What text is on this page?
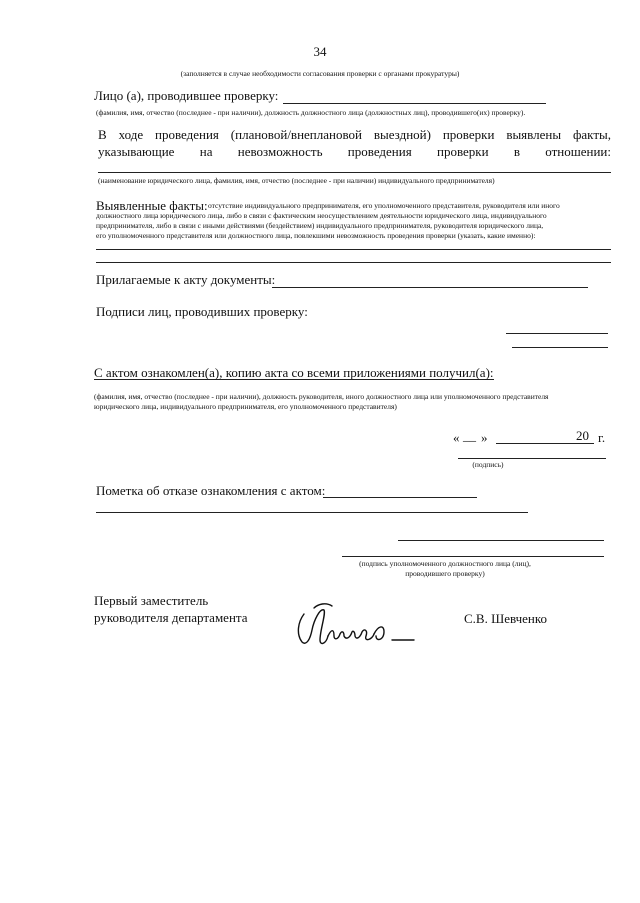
34
(заполняется в случае необходимости согласования проверки с органами прокуратуры)
Лицо (а), проводившее проверку:
(фамилия, имя, отчество (последнее - при наличии), должность должностного лица (должностных лиц), проводившего(их) проверку).
В ходе проведения (плановой/внеплановой выездной) проверки выявлены факты,
указывающие на невозможность проведения проверки в отношении:
(наименование юридического лица, фамилия, имя, отчество (последнее - при наличии) индивидуального предпринимателя)
Выявленные факты: отсутствие индивидуального предпринимателя, его уполномоченного представителя, руководителя или иного
должностного лица юридического лица, либо в связи с фактическим неосуществлением деятельности юридического лица, индивидуального
предпринимателя, либо в связи с иными действиями (бездействием) индивидуального предпринимателя, руководителя юридического лица,
его уполномоченного представителя или должностного лица, повлекшими невозможность проведения проверки (указать, какие именно):
Прилагаемые к акту документы:
Подписи лиц, проводивших проверку:
С актом ознакомлен(а), копию акта со всеми приложениями получил(а):
(фамилия, имя, отчество (последнее - при наличии), должность руководителя, иного должностного лица или уполномоченного представителя
юридического лица, индивидуального предпринимателя, его уполномоченного представителя)
« __ »	20 г.
(подпись)
Пометка об отказе ознакомления с актом:
(подпись уполномоченного должностного лица (лиц),
проводившего проверку)
Первый заместитель
руководителя департамента	С.В. Шевченко
